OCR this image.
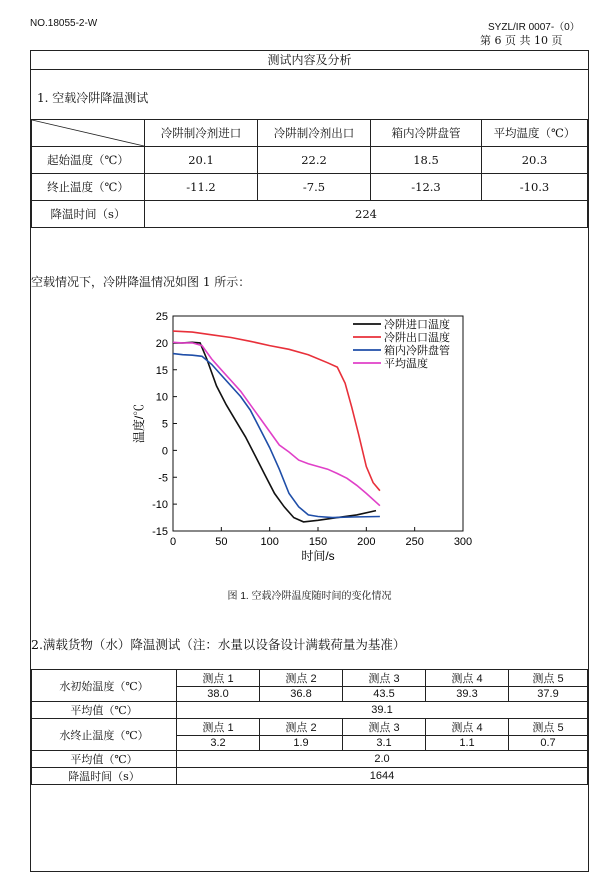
NO.18055-2-W	SYZL/IR 0007-（0）
第 6 页 共 10 页
测试内容及分析
1. 空载冷阱降温测试
	冷阱制冷剂进口	冷阱制冷剂出口	箱内冷阱盘管	平均温度（℃）
起始温度（℃）	20.1	22.2	18.5	20.3
终止温度（℃）	-11.2	-7.5	-12.3	-10.3
降温时间（s）	224			
空载情况下，冷阱降温情况如图 1 所示：
0	50	100	150	200	250	300
-15
-10
-5
0
5
10
15
20
25
时间/s
温度/℃
冷阱进口温度
冷阱出口温度
箱内冷阱盘管
平均温度
图 1. 空载冷阱温度随时间的变化情况
2.满载货物（水）降温测试（注：水量以设备设计满载荷量为基准）
水初始温度（℃）	测点 1	测点 2	测点 3	测点 4	测点 5
	38.0	36.8	43.5	39.3	37.9
平均值（℃）	39.1				
水终止温度（℃）	测点 1	测点 2	测点 3	测点 4	测点 5
	3.2	1.9	3.1	1.1	0.7
平均值（℃）	2.0				
降温时间（s）	1644				
